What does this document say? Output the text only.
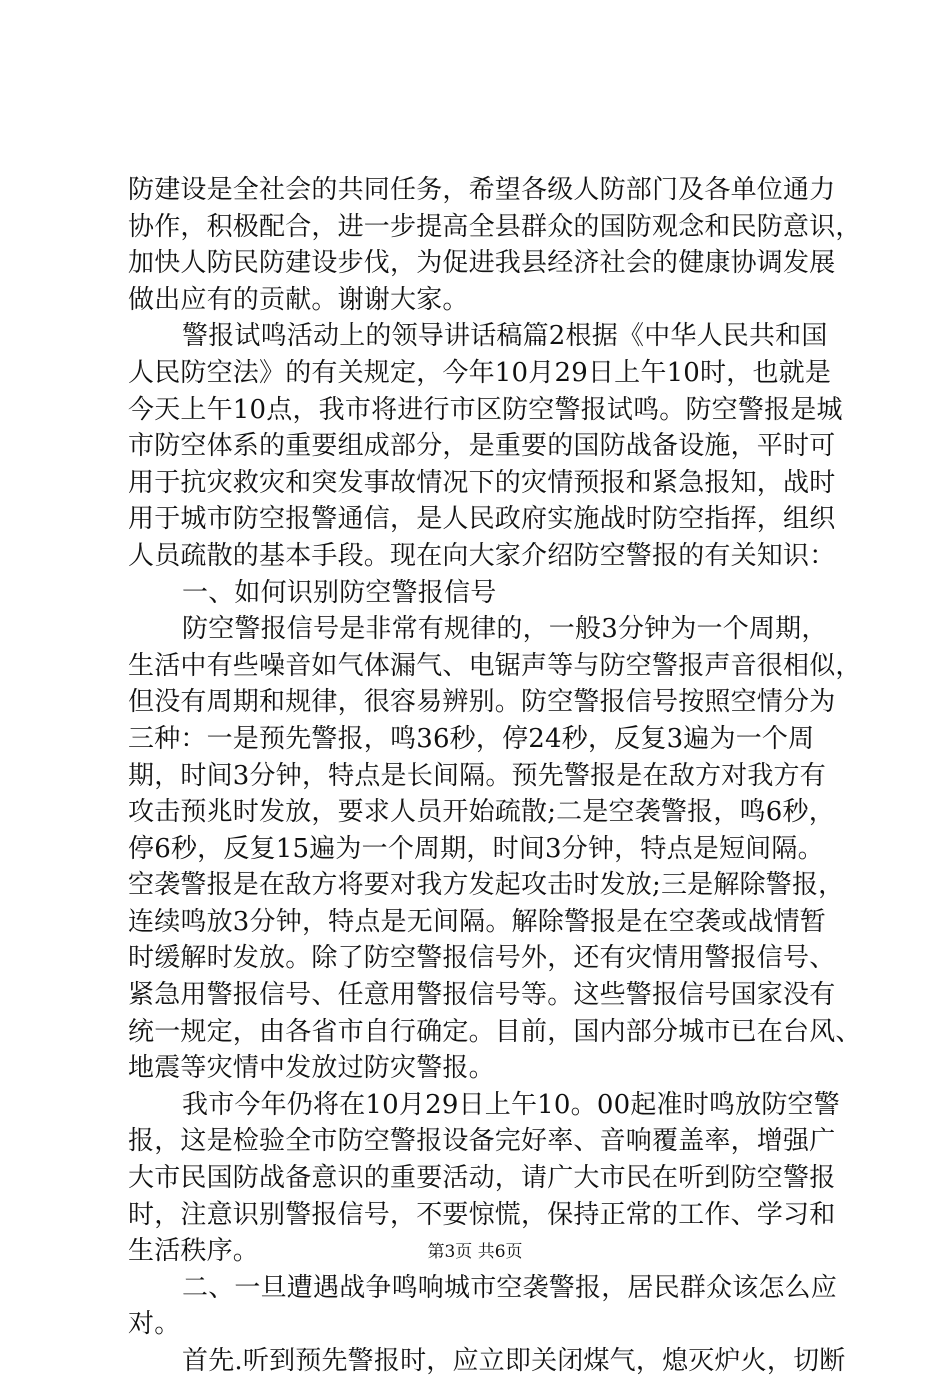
防建设是全社会的共同任务，希望各级人防部门及各单位通力
协作，积极配合，进一步提高全县群众的国防观念和民防意识，
加快人防民防建设步伐，为促进我县经济社会的健康协调发展
做出应有的贡献。谢谢大家。
警报试鸣活动上的领导讲话稿篇2根据《中华人民共和国
人民防空法》的有关规定，今年10月29日上午10时，也就是
今天上午10点，我市将进行市区防空警报试鸣。防空警报是城
市防空体系的重要组成部分，是重要的国防战备设施，平时可
用于抗灾救灾和突发事故情况下的灾情预报和紧急报知，战时
用于城市防空报警通信，是人民政府实施战时防空指挥，组织
人员疏散的基本手段。现在向大家介绍防空警报的有关知识：
一、如何识别防空警报信号
防空警报信号是非常有规律的，一般3分钟为一个周期，
生活中有些噪音如气体漏气、电锯声等与防空警报声音很相似，
但没有周期和规律，很容易辨别。防空警报信号按照空情分为
三种：一是预先警报，鸣36秒，停24秒，反复3遍为一个周
期，时间3分钟，特点是长间隔。预先警报是在敌方对我方有
攻击预兆时发放，要求人员开始疏散;二是空袭警报，鸣6秒，
停6秒，反复15遍为一个周期，时间3分钟，特点是短间隔。
空袭警报是在敌方将要对我方发起攻击时发放;三是解除警报，
连续鸣放3分钟，特点是无间隔。解除警报是在空袭或战情暂
时缓解时发放。除了防空警报信号外，还有灾情用警报信号、
紧急用警报信号、任意用警报信号等。这些警报信号国家没有
统一规定，由各省市自行确定。目前，国内部分城市已在台风、
地震等灾情中发放过防灾警报。
我市今年仍将在10月29日上午10。00起准时鸣放防空警
报，这是检验全市防空警报设备完好率、音响覆盖率，增强广
大市民国防战备意识的重要活动，请广大市民在听到防空警报
时，注意识别警报信号，不要惊慌，保持正常的工作、学习和
生活秩序。
二、一旦遭遇战争鸣响城市空袭警报，居民群众该怎么应
对。
首先.听到预先警报时，应立即关闭煤气，熄灭炉火，切断
第3页 共6页
